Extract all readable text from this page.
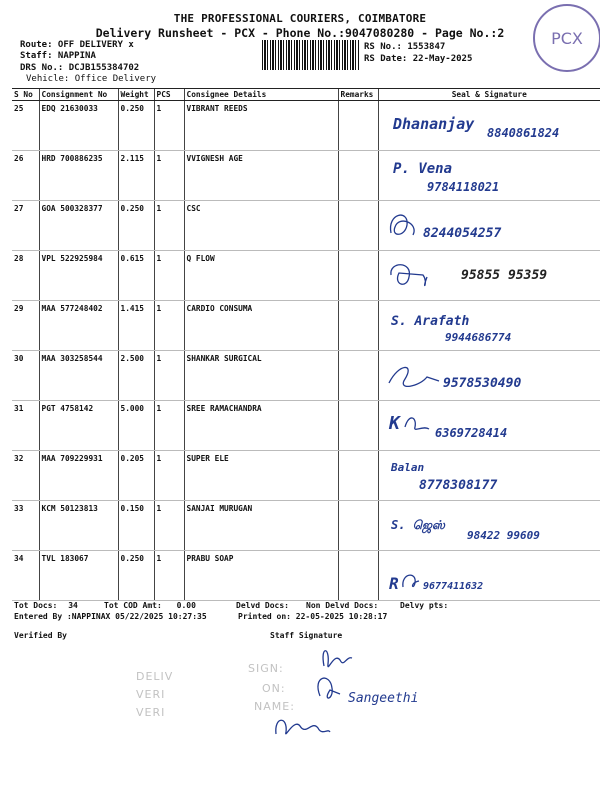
THE PROFESSIONAL COURIERS, COIMBATORE
Delivery Runsheet - PCX - Phone No.:9047080280 - Page No.:2
Route: OFF DELIVERY x
Staff: NAPPINA
DRS No.: DCJB155384702
Vehicle: Office Delivery
RS No.: 1553847
RS Date: 22-May-2025
PCX
S No	Consignment No	Weight	PCS	Consignee Details	Remarks	Seal & Signature
25	EDQ 21630033	0.250	1	VIBRANT REEDS		Dhananjay 8840861824

26	HRD 700886235	2.115	1	VVIGNESH AGE		P. Vena
9784118021

27	GOA 500328377	0.250	1	CSC		8244054257

28	VPL 522925984	0.615	1	Q FLOW		95855 95359

29	MAA 577248402	1.415	1	CARDIO CONSUMA		S. Arafath
9944686774

30	MAA 303258544	2.500	1	SHANKAR SURGICAL		9578530490

31	PGT 4758142	5.000	1	SREE RAMACHANDRA		K 6369728414

32	MAA 709229931	0.205	1	SUPER ELE		Balan
8778308177

33	KCM 50123813	0.150	1	SANJAI MURUGAN		S. ஜெஸ்
98422 99609

34	TVL 183067	0.250	1	PRABU SOAP		R 9677411632
Tot Docs: 34	Tot COD Amt: 0.00	Delvd Docs: Non Delvd Docs:	Delvy pts:
Entered By :NAPPINAX 05/22/2025 10:27:35	Printed on: 22-05-2025 10:28:17
Verified By	Staff Signature
DELIV
VERI
VERI
SIGN:
ON:
NAME:
Sangeethi
